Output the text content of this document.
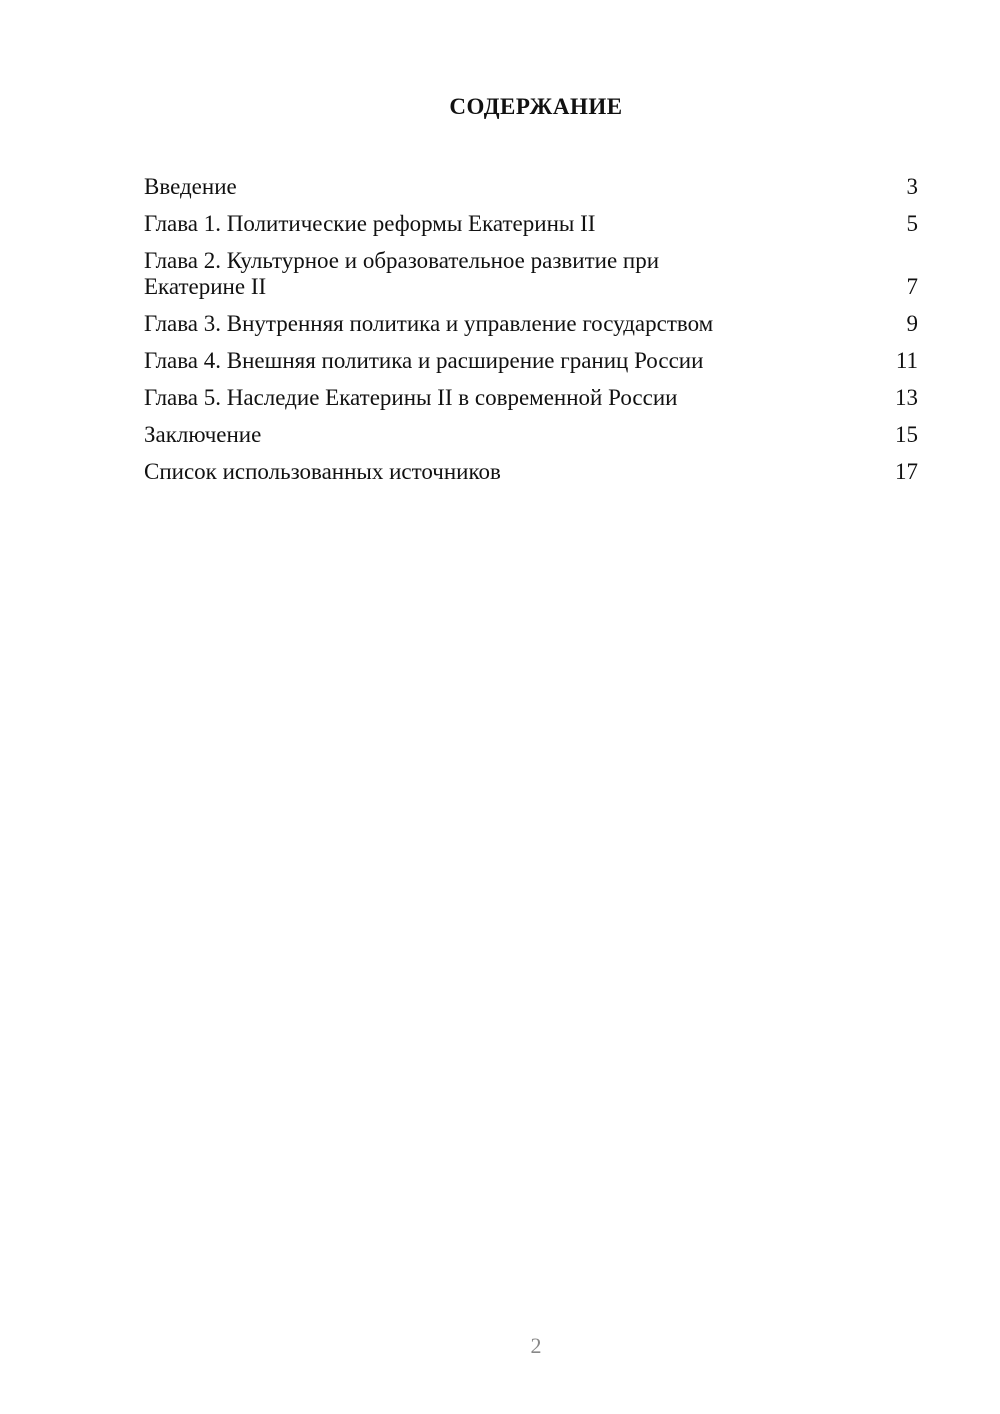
СОДЕРЖАНИЕ
Введение	3
Глава 1. Политические реформы Екатерины II	5
Глава 2. Культурное и образовательное развитие при Екатерине II	7
Глава 3. Внутренняя политика и управление государством	9
Глава 4. Внешняя политика и расширение границ России	11
Глава 5. Наследие Екатерины II в современной России	13
Заключение	15
Список использованных источников	17
2
